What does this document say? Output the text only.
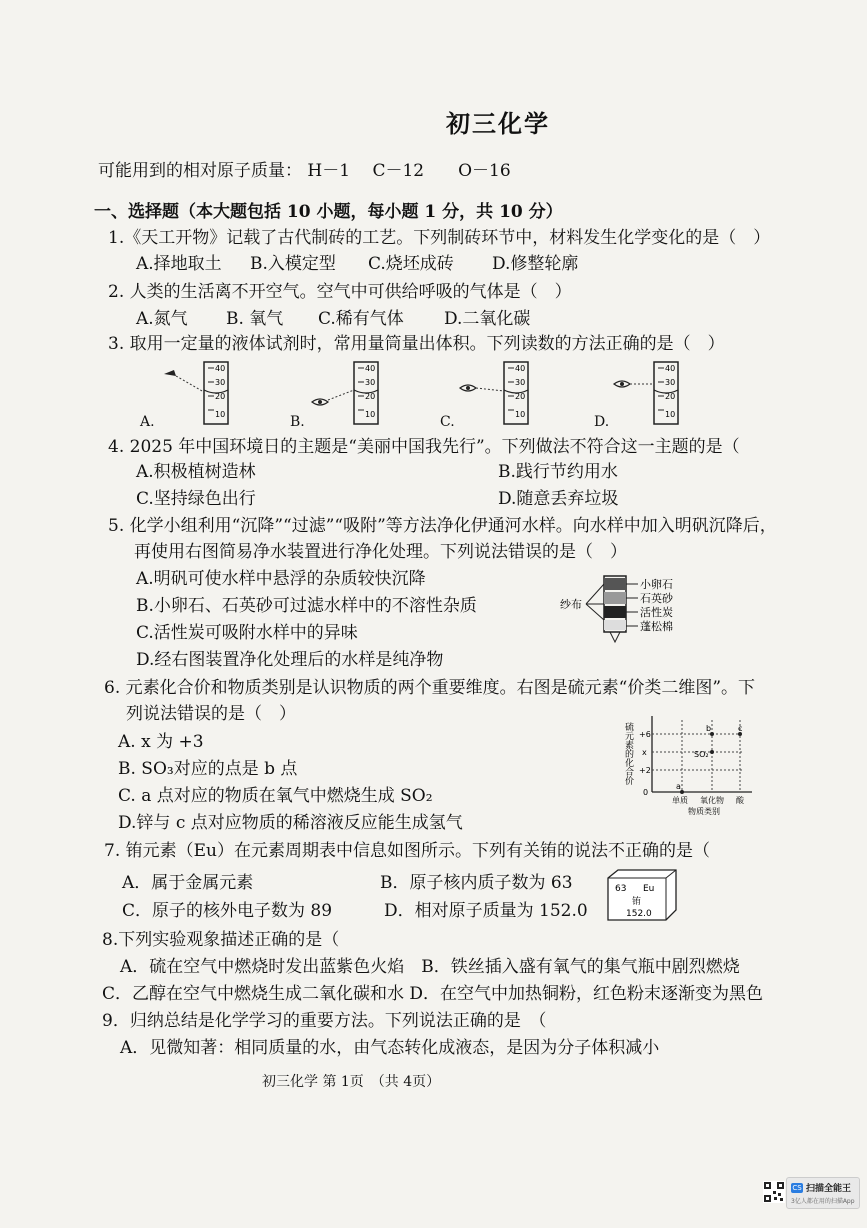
初三化学
可能用到的相对原子质量： H－1　 C－12　　O－16
一、选择题（本大题包括 10 小题，每小题 1 分，共 10 分）
1.《天工开物》记载了古代制砖的工艺。下列制砖环节中，材料发生化学变化的是（　）
A.择地取土 B.入模定型 C.烧坯成砖 D.修整轮廓
2. 人类的生活离不开空气。空气中可供给呼吸的气体是（　）
A.氮气 B. 氧气 C.稀有气体 D.二氧化碳
3. 取用一定量的液体试剂时，常用量筒量出体积。下列读数的方法正确的是（　）
A.	B.	C.	D.
40
30
20
10
40
30
20
10
40
30
20
10
40
30
20
10
4. 2025 年中国环境日的主题是“美丽中国我先行”。下列做法不符合这一主题的是（
A.积极植树造林	B.践行节约用水
C.坚持绿色出行	D.随意丢弃垃圾
5. 化学小组利用“沉降”“过滤”“吸附”等方法净化伊通河水样。向水样中加入明矾沉降后，
再使用右图简易净水装置进行净化处理。下列说法错误的是（　）
A.明矾可使水样中悬浮的杂质较快沉降
B.小卵石、石英砂可过滤水样中的不溶性杂质
C.活性炭可吸附水样中的异味
D.经右图装置净化处理后的水样是纯净物
纱布
小卵石
石英砂
活性炭
蓬松棉
6. 元素化合价和物质类别是认识物质的两个重要维度。右图是硫元素“价类二维图”。下
列说法错误的是（　）
A. x 为 +3
B. SO₃对应的点是 b 点
C. a 点对应的物质在氧气中燃烧生成 SO₂
D.锌与 c 点对应物质的稀溶液反应能生成氢气
硫元素的化合价 +6
x
+2
0
单质 氧化物 酸
物质类别
a
b	c
SO₂
7. 铕元素（Eu）在元素周期表中信息如图所示。下列有关铕的说法不正确的是（
A．属于金属元素	B．原子核内质子数为 63
C．原子的核外电子数为 89	D．相对原子质量为 152.0
63 Eu
铕
152.0
8.下列实验观象描述正确的是（
A．硫在空气中燃烧时发出蓝紫色火焰　B．铁丝插入盛有氧气的集气瓶中剧烈燃烧
C．乙醇在空气中燃烧生成二氧化碳和水 D．在空气中加热铜粉，红色粉末逐渐变为黑色
9．归纳总结是化学学习的重要方法。下列说法正确的是　（
A．见微知著：相同质量的水，由气态转化成液态，是因为分子体积减小
初三化学 第 1页　（共 4页）
CS 扫描全能王
3亿人都在用的扫描App
